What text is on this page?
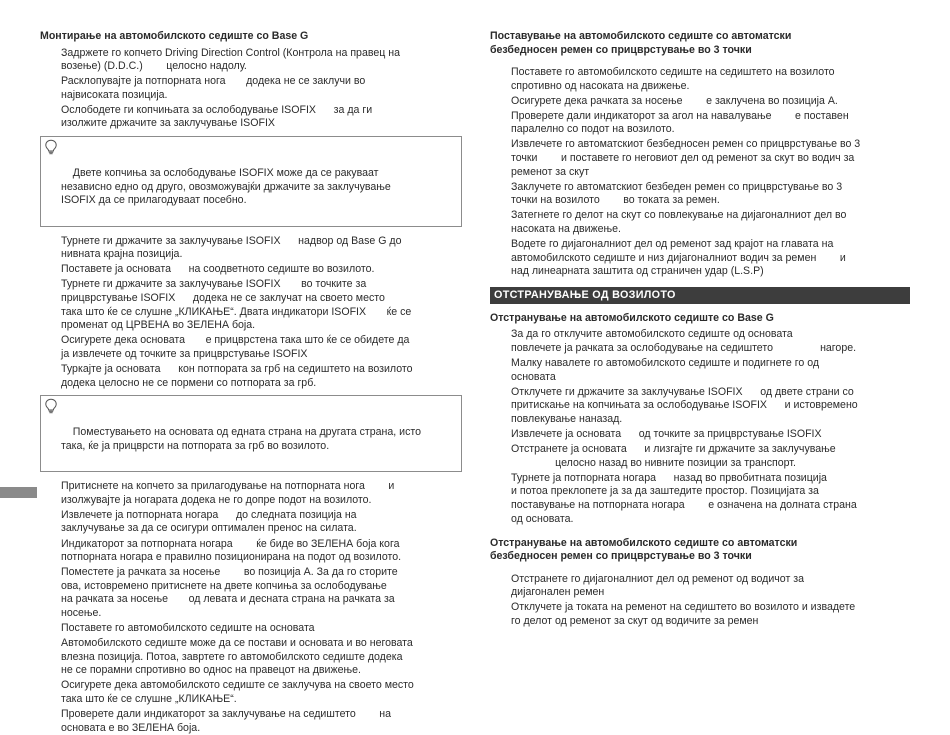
Монтирање на автомобилското седиште со Base G
Задржете го копчето Driving Direction Control (Контрола на правец на
возење) (D.D.C.)        целосно надолу.
Расклопувајте ја потпорната нога       додека не се заклучи во
највисоката позиција.
Ослободете ги копчињата за ослободување ISOFIX      за да ги
изолжите држачите за заклучување ISOFIX

Двете копчиња за ослободување ISOFIX може да се ракуваат
независно едно од друго, овозможувајќи држачите за заклучување
ISOFIX да се прилагодуваат посебно.

Турнете ги држачите за заклучување ISOFIX      надвор од Base G до
нивната крајна позиција.
Поставете ја основата      на соодветното седиште во возилото.
Турнете ги држачите за заклучување ISOFIX       во точките за
прицврстување ISOFIX      додека не се заклучат на своето место
така што ќе се слушне „КЛИКАЊЕ“. Двата индикатори ISOFIX       ќе се
променат од ЦРВЕНА во ЗЕЛЕНА боја.
Осигурете дека основата       е прицврстена така што ќе се обидете да
ја извлечете од точките за прицврстување ISOFIX
Туркајте ја основата      кон потпората за грб на седиштето на возилото
додека целосно не се пормени со потпората за грб.

Поместувањето на основата од едната страна на другата страна, исто
така, ќе ја прицврсти на потпората за грб во возилото.

Притиснете на копчето за прилагодување на потпорната нога        и
изолжувајте ја ногарата додека не го допре подот на возилото.
Извлечете ја потпорната ногара      до следната позиција на
заклучување за да се осигури оптимален пренос на силата.
Индикаторот за потпорната ногара        ќе биде во ЗЕЛЕНА боја кога
потпорната ногара е правилно позиционирана на подот од возилото.
Поместете ја рачката за носење        во позиција A. За да го сторите
ова, истовремено притиснете на двете копчиња за ослободување
на рачката за носење       од левата и десната страна на рачката за
носење.
Поставете го автомобилското седиште на основата
Автомобилското седиште може да се постави и основата и во неговата
влезна позиција. Потоа, завртете го автомобилското седиште додека
не се порамни спротивно во однос на правецот на движење.
Осигурете дека автомобилското седиште се заклучува на своето место
така што ќе се слушне „КЛИКАЊЕ“.
Проверете дали индикаторот за заклучување на седиштето        на
основата е во ЗЕЛЕНА боја.
Поставување на автомобилското седиште со автоматски
безбедносен ремен со прицврстување во 3 точки
Поставете го автомобилското седиште на седиштето на возилото
спротивно од насоката на движење.
Осигурете дека рачката за носење        е заклучена во позиција A.
Проверете дали индикаторот за агол на навалување        е поставен
паралелно со подот на возилото.
Извлечете го автоматскиот безбедносен ремен со прицврстување во 3
точки        и поставете го неговиот дел од ременот за скут во водич за
ременот за скут
Заклучете го автоматскиот безбеден ремен со прицврстување во 3
точки на возилото        во токата за ремен.
Затегнете го делот на скут со повлекување на дијагоналниот дел во
насоката на движење.
Водете го дијагоналниот дел од ременот зад крајот на главата на
автомобилското седиште и низ дијагоналниот водич за ремен        и
над линеарната заштита од страничен удар (L.S.P)
ОТСТРАНУВАЊЕ ОД ВОЗИЛОТО
Отстранување на автомобилското седиште со Base G
За да го отклучите автомобилското седиште од основата
повлечете ја рачката за ослободување на седиштето                нагоре.
Малку навалете го автомобилското седиште и подигнете го од
основата
Отклучете ги држачите за заклучување ISOFIX      од двете страни со
притискање на копчињата за ослободување ISOFIX      и истовремено
повлекување наназад.
Извлечете ја основата      од точките за прицврстување ISOFIX
Отстранете ја основата      и лизгајте ги држачите за заклучување
целосно назад во нивните позиции за транспорт.
Турнете ја потпорната ногара      назад во првобитната позиција
и потоа преклопете ја за да заштедите простор. Позицијата за
поставување на потпорната ногара        е означена на долната страна
од основата.
Отстранување на автомобилското седиште со автоматски
безбедносен ремен со прицврстување во 3 точки
Отстранете го дијагоналниот дел од ременот од водичот за
дијагонален ремен
Отклучете ја токата на ременот на седиштето во возилото и извадете
го делот од ременот за скут од водичите за ремен
